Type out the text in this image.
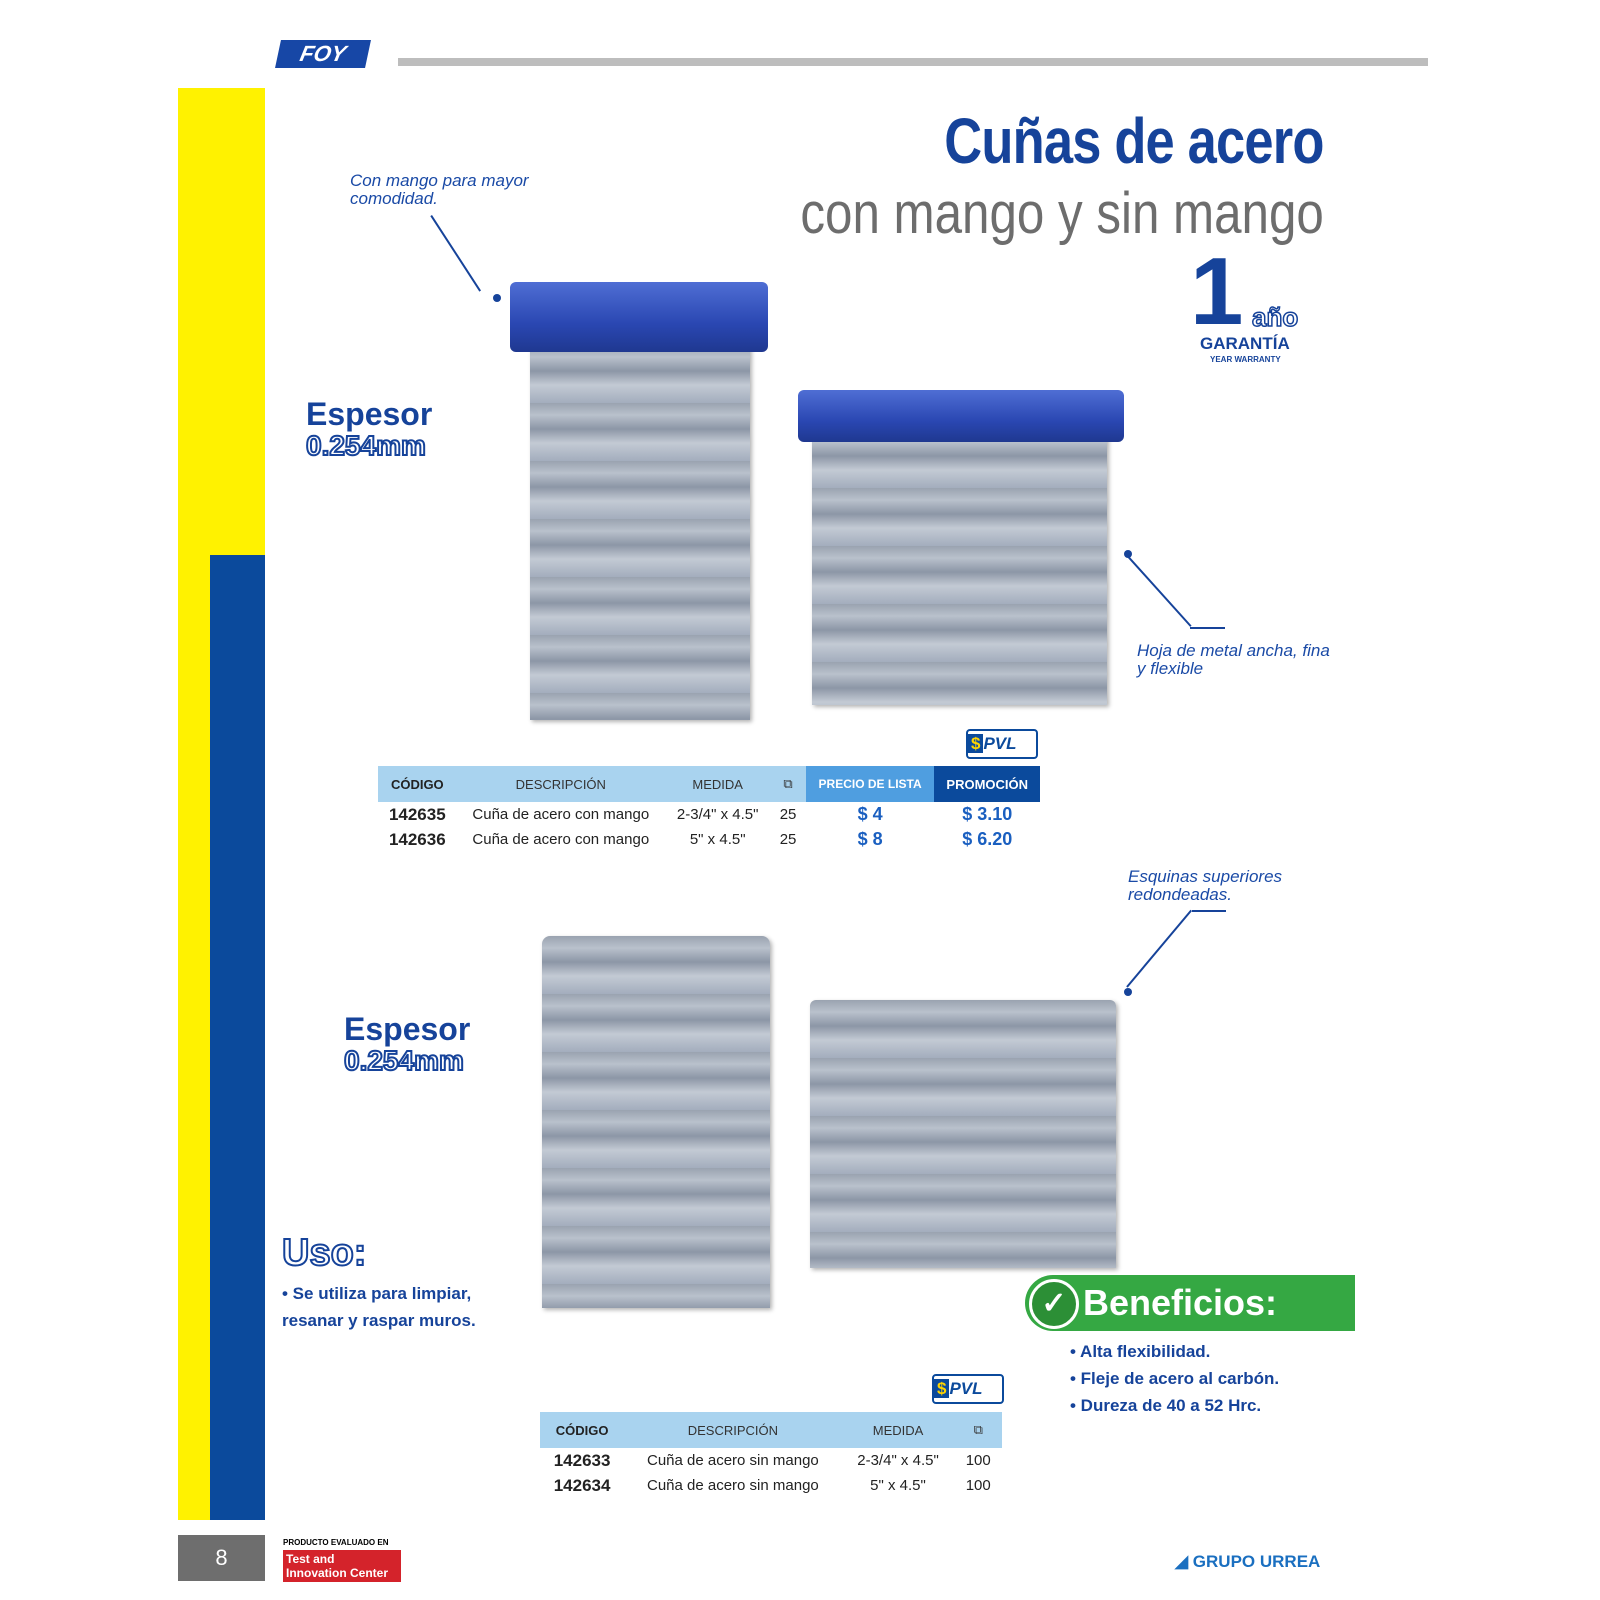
FOY
Cuñas de acero
con mango y sin mango
1 año
GARANTÍA
YEAR WARRANTY
Con mango para mayor comodidad.
Espesor
0.254mm
Hoja de metal ancha, fina y flexible
$ PVL
CÓDIGO	DESCRIPCIÓN	MEDIDA	⧉	PRECIO DE LISTA	PROMOCIÓN
142635	Cuña de acero con mango	2-3/4" x 4.5"	25	$ 4	$ 3.10
142636	Cuña de acero con mango	5" x 4.5"	25	$ 8	$ 6.20
Esquinas superiores redondeadas.
Espesor
0.254mm
Uso:
• Se utiliza para limpiar, resanar y raspar muros.
✓ Beneficios:
• Alta flexibilidad.
• Fleje de acero al carbón.
• Dureza de 40 a 52 Hrc.
$ PVL
CÓDIGO	DESCRIPCIÓN	MEDIDA	⧉
142633	Cuña de acero sin mango	2-3/4" x 4.5"	100
142634	Cuña de acero sin mango	5" x 4.5"	100
8
PRODUCTO EVALUADO EN
Test and Innovation Center
◢ GRUPO URREA
